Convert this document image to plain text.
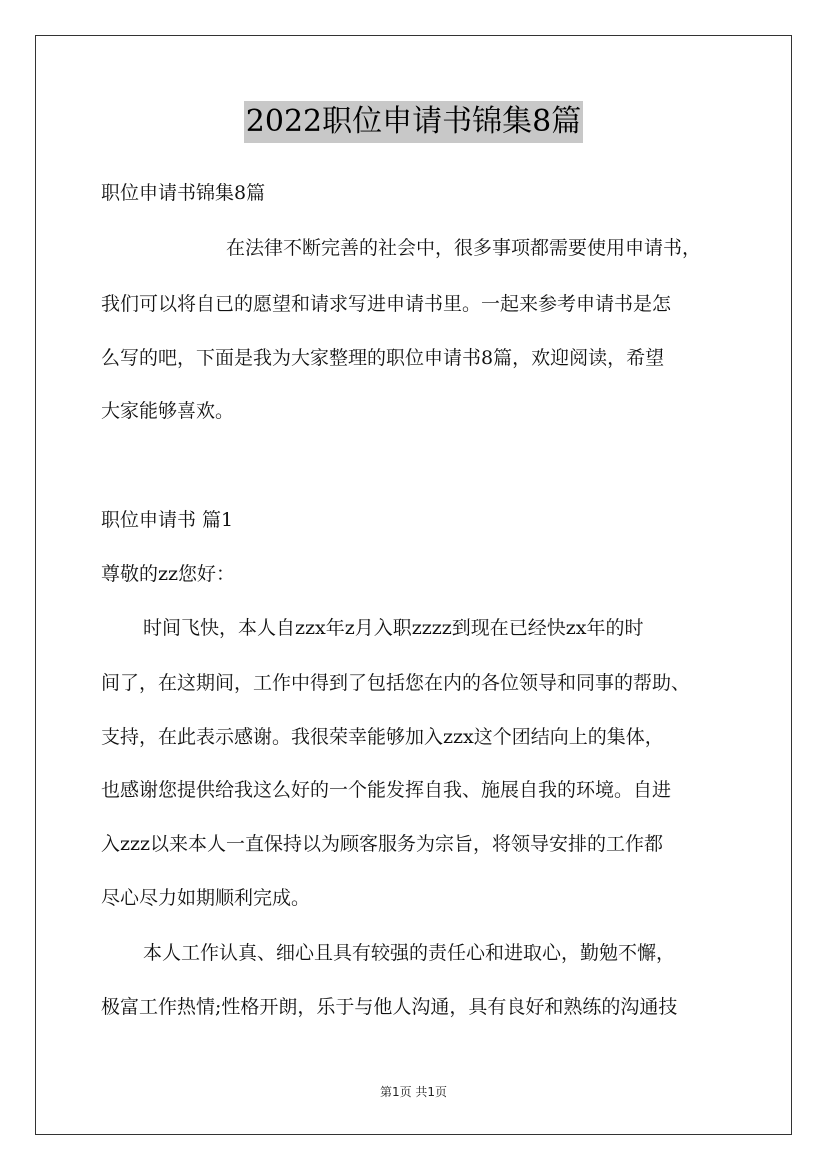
2022职位申请书锦集8篇
职位申请书锦集8篇
在法律不断完善的社会中，很多事项都需要使用申请书，
我们可以将自已的愿望和请求写进申请书里。一起来参考申请书是怎
么写的吧，下面是我为大家整理的职位申请书8篇，欢迎阅读，希望
大家能够喜欢。
职位申请书 篇1
尊敬的zz您好：
时间飞快，本人自zzx年z月入职zzzz到现在已经快zx年的时
间了，在这期间，工作中得到了包括您在内的各位领导和同事的帮助、
支持，在此表示感谢。我很荣幸能够加入zzx这个团结向上的集体，
也感谢您提供给我这么好的一个能发挥自我、施展自我的环境。自进
入zzz以来本人一直保持以为顾客服务为宗旨，将领导安排的工作都
尽心尽力如期顺利完成。
本人工作认真、细心且具有较强的责任心和进取心，勤勉不懈，
极富工作热情;性格开朗，乐于与他人沟通，具有良好和熟练的沟通技
第1页 共1页
